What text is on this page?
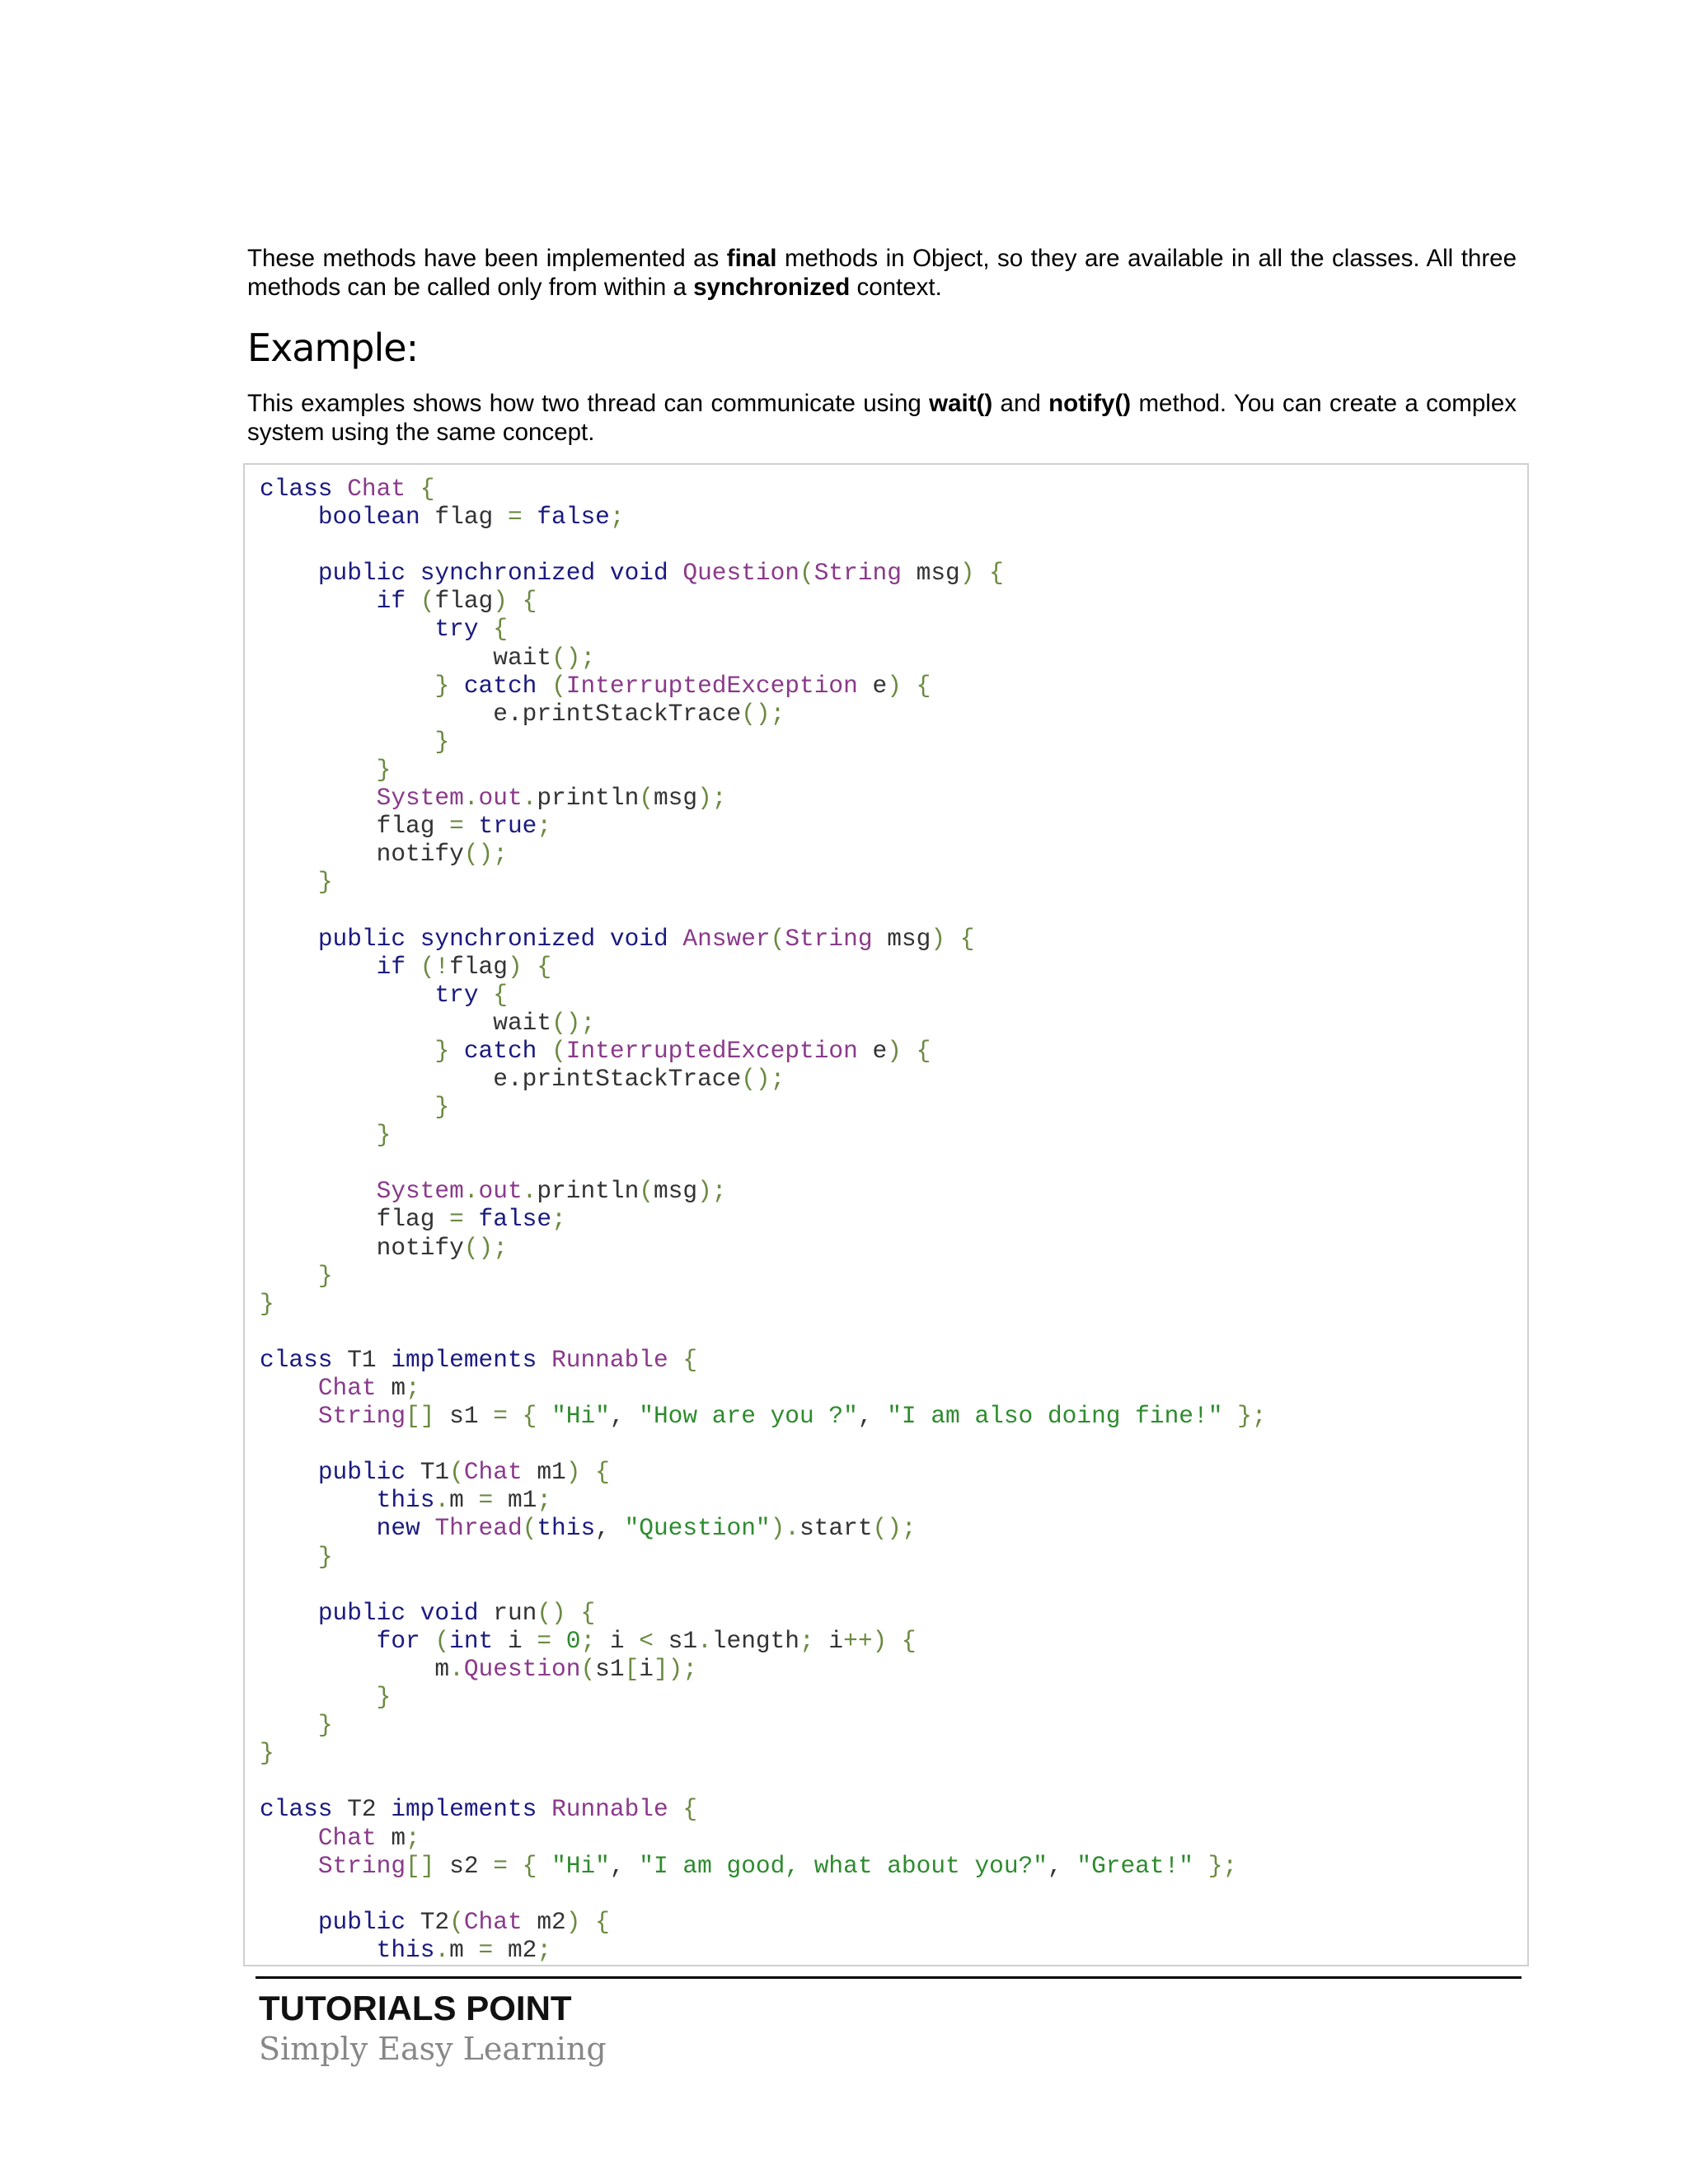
These methods have been implemented as final methods in Object, so they are available in all the classes. All three methods can be called only from within a synchronized context.
Example:
This examples shows how two thread can communicate using wait() and notify() method. You can create a complex system using the same concept.
class Chat {
boolean flag = false;

public synchronized void Question(String msg) {
if (flag) {
try {
wait();
} catch (InterruptedException e) {
e.printStackTrace();
}
}
System.out.println(msg);
flag = true;
notify();
}

public synchronized void Answer(String msg) {
if (!flag) {
try {
wait();
} catch (InterruptedException e) {
e.printStackTrace();
}
}

System.out.println(msg);
flag = false;
notify();
}
}

class T1 implements Runnable {
Chat m;
String[] s1 = { "Hi", "How are you ?", "I am also doing fine!" };

public T1(Chat m1) {
this.m = m1;
new Thread(this, "Question").start();
}

public void run() {
for (int i = 0; i < s1.length; i++) {
m.Question(s1[i]);
}
}
}

class T2 implements Runnable {
Chat m;
String[] s2 = { "Hi", "I am good, what about you?", "Great!" };

public T2(Chat m2) {
this.m = m2;
TUTORIALS POINT
Simply Easy Learning
